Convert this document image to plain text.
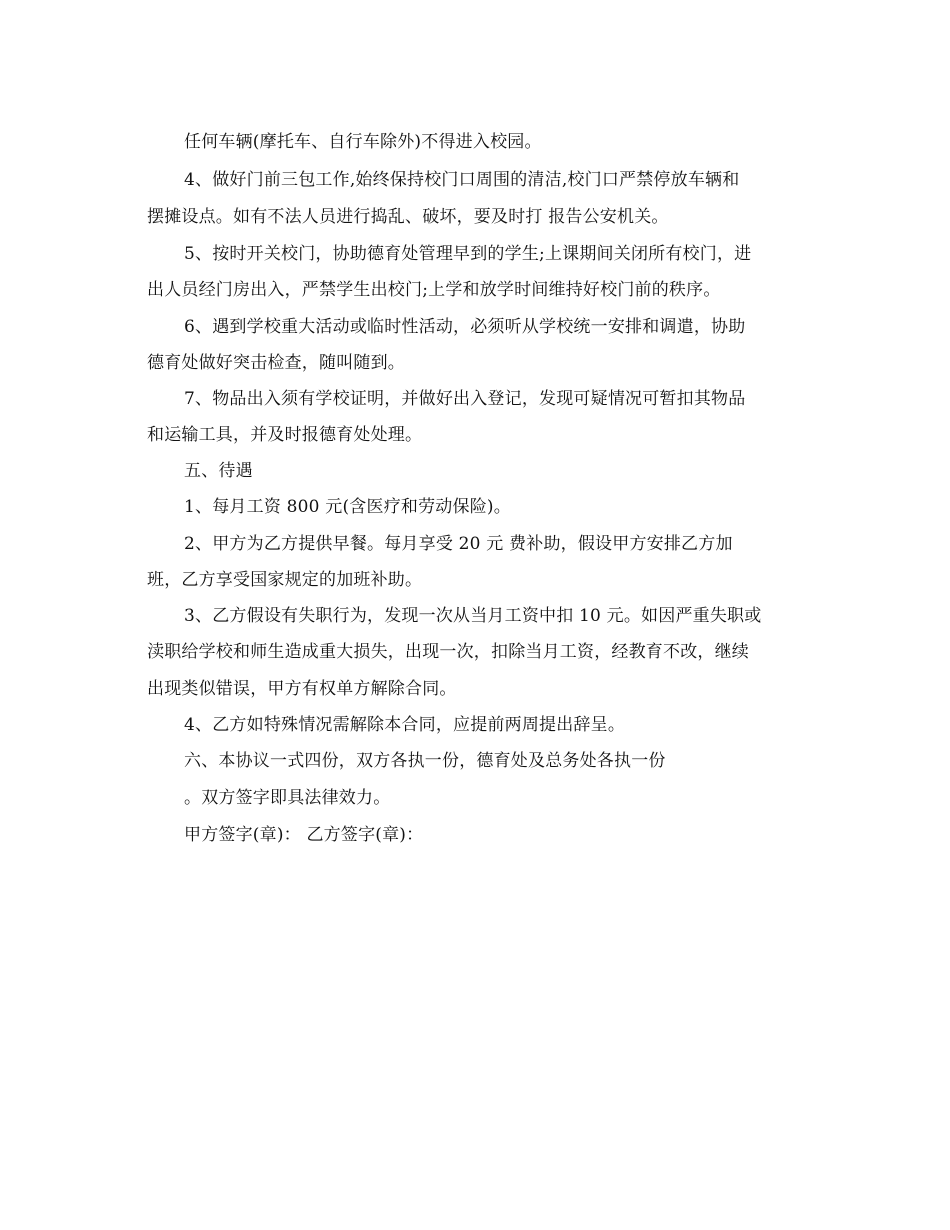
任何车辆(摩托车、自行车除外)不得进入校园。
4、做好门前三包工作,始终保持校门口周围的清洁,校门口严禁停放车辆和
摆摊设点。如有不法人员进行捣乱、破坏，要及时打 报告公安机关。
5、按时开关校门，协助德育处管理早到的学生;上课期间关闭所有校门，进
出人员经门房出入，严禁学生出校门;上学和放学时间维持好校门前的秩序。
6、遇到学校重大活动或临时性活动，必须听从学校统一安排和调遣，协助
德育处做好突击检查，随叫随到。
7、物品出入须有学校证明，并做好出入登记，发现可疑情况可暂扣其物品
和运输工具，并及时报德育处处理。
五、待遇
1、每月工资 800 元(含医疗和劳动保险)。
2、甲方为乙方提供早餐。每月享受 20 元 费补助，假设甲方安排乙方加
班，乙方享受国家规定的加班补助。
3、乙方假设有失职行为，发现一次从当月工资中扣 10 元。如因严重失职或
渎职给学校和师生造成重大损失，出现一次，扣除当月工资，经教育不改，继续
出现类似错误，甲方有权单方解除合同。
4、乙方如特殊情况需解除本合同，应提前两周提出辞呈。
六、本协议一式四份，双方各执一份，德育处及总务处各执一份
。双方签字即具法律效力。
甲方签字(章)： 乙方签字(章)：
